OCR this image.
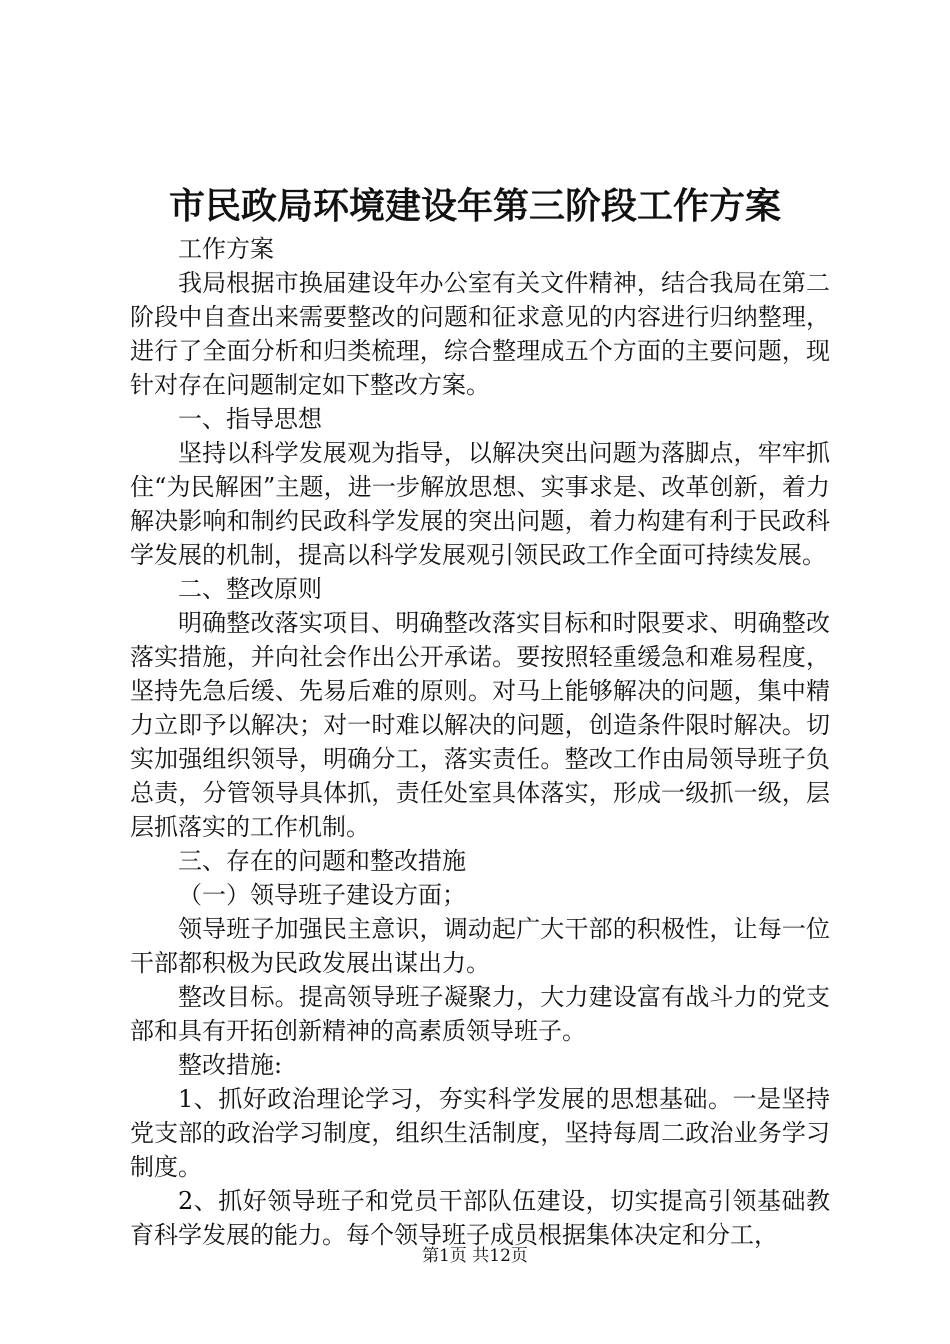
市民政局环境建设年第三阶段工作方案

工作方案

我局根据市换届建设年办公室有关文件精神，结合我局在第二阶段中自查出来需要整改的问题和征求意见的内容进行归纳整理，进行了全面分析和归类梳理，综合整理成五个方面的主要问题，现针对存在问题制定如下整改方案。

一、指导思想

坚持以科学发展观为指导，以解决突出问题为落脚点，牢牢抓住“为民解困”主题，进一步解放思想、实事求是、改革创新，着力解决影响和制约民政科学发展的突出问题，着力构建有利于民政科学发展的机制，提高以科学发展观引领民政工作全面可持续发展。

二、整改原则

明确整改落实项目、明确整改落实目标和时限要求、明确整改落实措施，并向社会作出公开承诺。要按照轻重缓急和难易程度，坚持先急后缓、先易后难的原则。对马上能够解决的问题，集中精力立即予以解决；对一时难以解决的问题，创造条件限时解决。切实加强组织领导，明确分工，落实责任。整改工作由局领导班子负总责，分管领导具体抓，责任处室具体落实，形成一级抓一级，层层抓落实的工作机制。

三、存在的问题和整改措施

（一）领导班子建设方面；

领导班子加强民主意识，调动起广大干部的积极性，让每一位干部都积极为民政发展出谋出力。

整改目标。提高领导班子凝聚力，大力建设富有战斗力的党支部和具有开拓创新精神的高素质领导班子。

整改措施:

1、抓好政治理论学习，夯实科学发展的思想基础。一是坚持党支部的政治学习制度，组织生活制度，坚持每周二政治业务学习制度。

2、抓好领导班子和党员干部队伍建设，切实提高引领基础教育科学发展的能力。每个领导班子成员根据集体决定和分工，

第1页 共12页
